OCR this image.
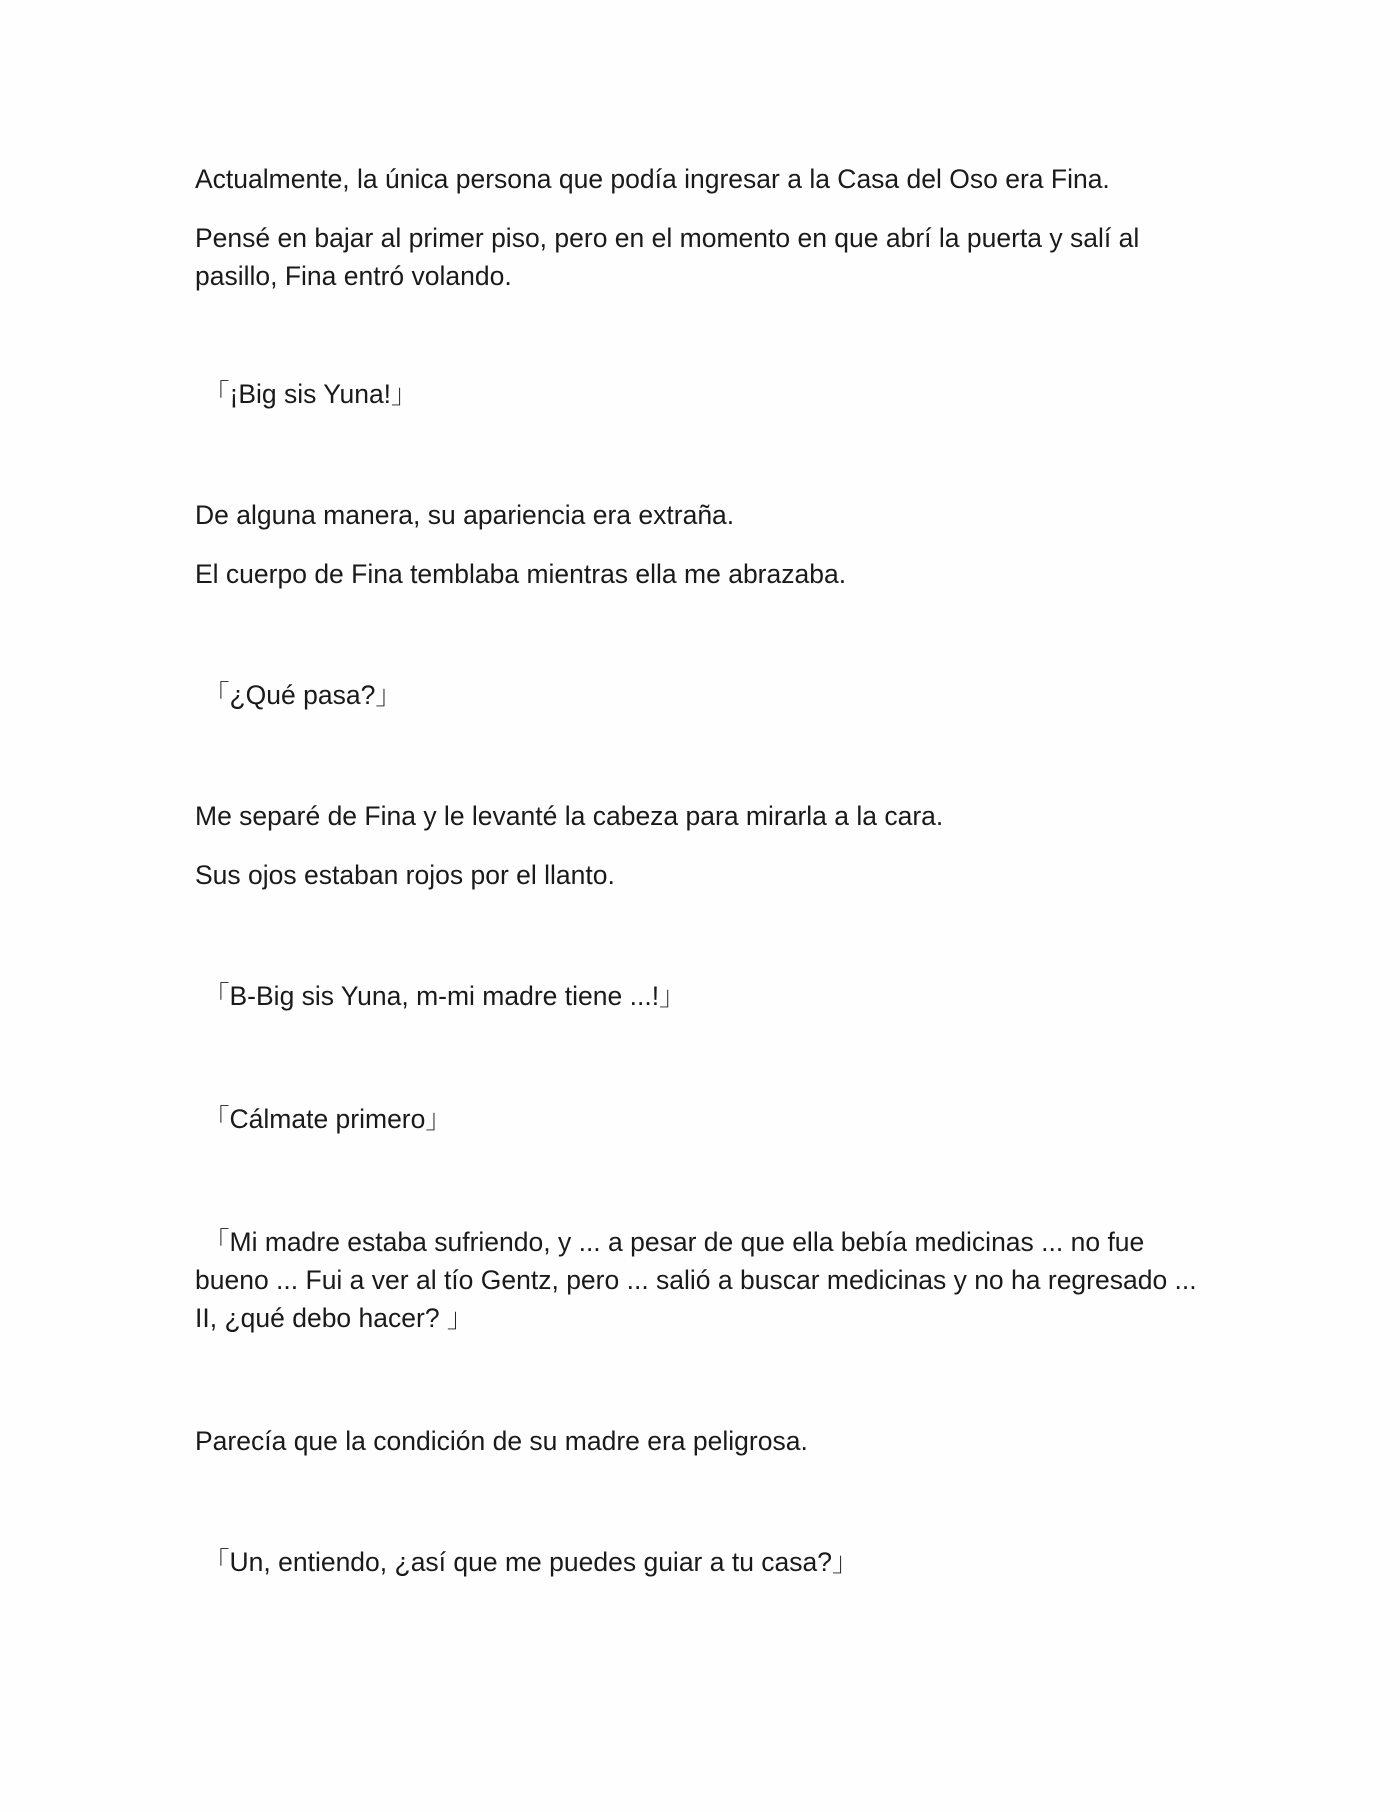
Actualmente, la única persona que podía ingresar a la Casa del Oso era Fina.

Pensé en bajar al primer piso, pero en el momento en que abrí la puerta y salí al pasillo, Fina entró volando.

「¡Big sis Yuna!」

De alguna manera, su apariencia era extraña.

El cuerpo de Fina temblaba mientras ella me abrazaba.

「¿Qué pasa?」

Me separé de Fina y le levanté la cabeza para mirarla a la cara.

Sus ojos estaban rojos por el llanto.

「B-Big sis Yuna, m-mi madre tiene ...!」

「Cálmate primero」

「Mi madre estaba sufriendo, y ... a pesar de que ella bebía medicinas ... no fue bueno ... Fui a ver al tío Gentz, pero ... salió a buscar medicinas y no ha regresado ... II, ¿qué debo hacer? 」

Parecía que la condición de su madre era peligrosa.

「Un, entiendo, ¿así que me puedes guiar a tu casa?」
